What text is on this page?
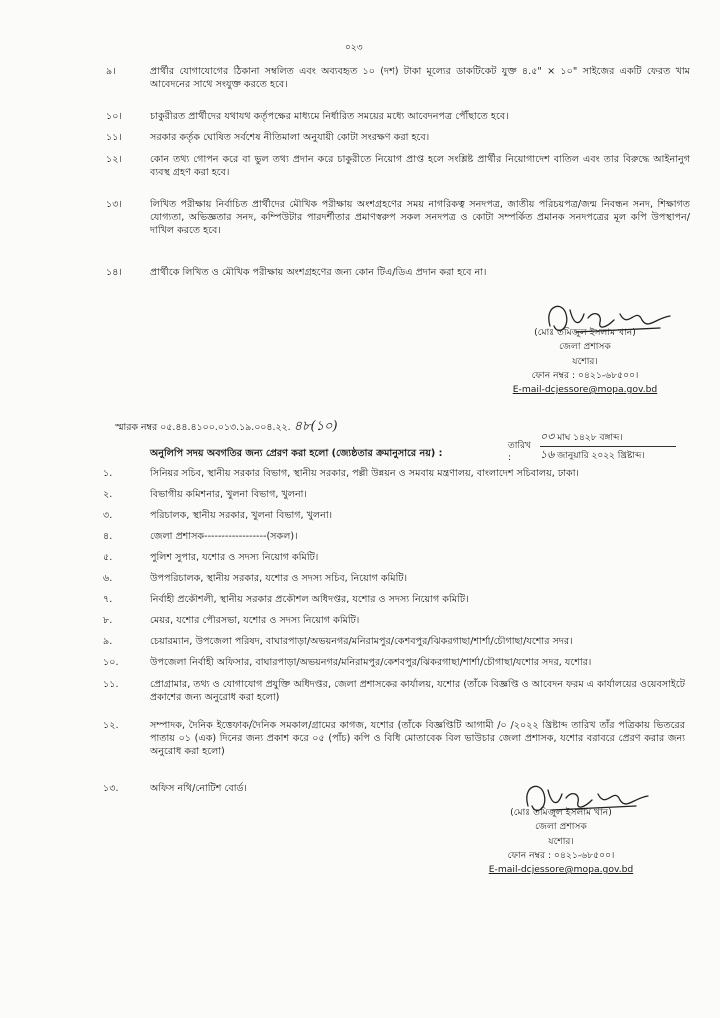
০২৩
৯।	প্রার্থীর যোগাযোগের ঠিকানা সম্বলিত এবং অব্যবহৃত ১০ (দশ) টাকা মূল্যের ডাকটিকেট যুক্ত ৪.৫" × ১০" সাইজের একটি ফেরত খাম আবেদনের সাথে সংযুক্ত করতে হবে।
১০।	চাকুরীরত প্রার্থীদের যথাযথ কর্তৃপক্ষের মাধ্যমে নির্ধারিত সময়ের মধ্যে আবেদনপত্র পৌঁছাতে হবে।
১১।	সরকার কর্তৃক ঘোষিত সর্বশেষ নীতিমালা অনুযায়ী কোটা সংরক্ষণ করা হবে।
১২।	কোন তথ্য গোপন করে বা ভুল তথ্য প্রদান করে চাকুরীতে নিয়োগ প্রাপ্ত হলে সংশ্লিষ্ট প্রার্থীর নিয়োগাদেশ বাতিল এবং তার বিরুদ্ধে আইনানুগ ব্যবস্থ গ্রহণ করা হবে।
১৩।	লিখিত পরীক্ষায় নির্বাচিত প্রার্থীদের মৌখিক পরীক্ষায় অংশগ্রহণের সময় নাগরিকত্ব সনদপত্র, জাতীয় পরিচয়পত্র/জন্ম নিবন্ধন সনদ, শিক্ষাগত যোগ্যতা, অভিজ্ঞতার সনদ, কম্পিউটার পারদর্শীতার প্রমাণস্বরুপ সকল সনদপত্র ও কোটা সম্পর্কিত প্রমানক সনদপত্রের মূল কপি উপস্থাপন/দাখিল করতে হবে।
১৪।	প্রার্থীকে লিখিত ও মৌখিক পরীক্ষায় অংশগ্রহণের জন্য কোন টিএ/ডিএ প্রদান করা হবে না।
(মোঃ তমিজুল ইসলাম খান)
জেলা প্রশাসক
যশোর।
ফোন নম্বর : ০৪২১-৬৮৫০০।
E-mail-dcjessore@mopa.gov.bd
স্মারক নম্বর ০৫.৪৪.৪১০০.০১৩.১৯.০০৪.২২. ৪৮(১০)
তারিখ :
০৩ মাঘ ১৪২৮ বঙ্গাব্দ।
১৬ জানুয়ারি ২০২২ খ্রিষ্টাব্দ।
অনুলিপি সদয় অবগতির জন্য প্রেরণ করা হলো (জ্যেষ্ঠতার ক্রমানুসারে নয়) :
১.	সিনিয়র সচিব, স্থানীয় সরকার বিভাগ, স্থানীয় সরকার, পল্লী উন্নয়ন ও সমবায় মন্ত্রণালয়, বাংলাদেশ সচিবালয়, ঢাকা।
২.	বিভাগীয় কমিশনার, খুলনা বিভাগ, খুলনা।
৩.	পরিচালক, স্থানীয় সরকার, খুলনা বিভাগ, খুলনা।
৪.	জেলা প্রশাসক------------------(সকল)।
৫.	পুলিশ সুপার, যশোর ও সদস্য নিয়োগ কমিটি।
৬.	উপপরিচালক, স্থানীয় সরকার, যশোর ও সদস্য সচিব, নিয়োগ কমিটি।
৭.	নির্বাহী প্রকৌশলী, স্থানীয় সরকার প্রকৌশল অধিদপ্তর, যশোর ও সদস্য নিয়োগ কমিটি।
৮.	মেয়র, যশোর পৌরসভা, যশোর ও সদস্য নিয়োগ কমিটি।
৯.	চেয়ারম্যান, উপজেলা পরিষদ, বাঘারপাড়া/অভয়নগর/মনিরামপুর/কেশবপুর/ঝিকরগাছা/শার্শা/চৌগাছা/যশোর সদর।
১০.	উপজেলা নির্বাহী অফিসার, বাঘারপাড়া/অভয়নগর/মনিরামপুর/কেশবপুর/ঝিকরগাছা/শার্শা/চৌগাছা/যশোর সদর, যশোর।
১১.	প্রোগ্রামার, তথ্য ও যোগাযোগ প্রযুক্তি অধিদপ্তর, জেলা প্রশাসকের কার্যালয়, যশোর (তাঁকে বিজ্ঞপ্তি ও আবেদন ফরম এ কার্যালয়ের ওয়েবসাইটে প্রকাশের জন্য অনুরোধ করা হলো)
১২.	সম্পাদক, দৈনিক ইত্তেফাক/দৈনিক সমকাল/গ্রামের কাগজ, যশোর (তাঁকে বিজ্ঞপ্তিটি আগামী /০ /২০২২ খ্রিষ্টাব্দ তারিখ তাঁর পত্রিকায় ভিতরের পাতায় ০১ (এক) দিনের জন্য প্রকাশ করে ০৫ (পাঁচ) কপি ও বিধি মোতাবেক বিল ভাউচার জেলা প্রশাসক, যশোর বরাবরে প্রেরণ করার জন্য অনুরোধ করা হলো)
১৩.	অফিস নথি/নোটিশ বোর্ড।
(মোঃ তমিজুল ইসলাম খান)
জেলা প্রশাসক
যশোর।
ফোন নম্বর : ০৪২১-৬৮৫০০।
E-mail-dcjessore@mopa.gov.bd
